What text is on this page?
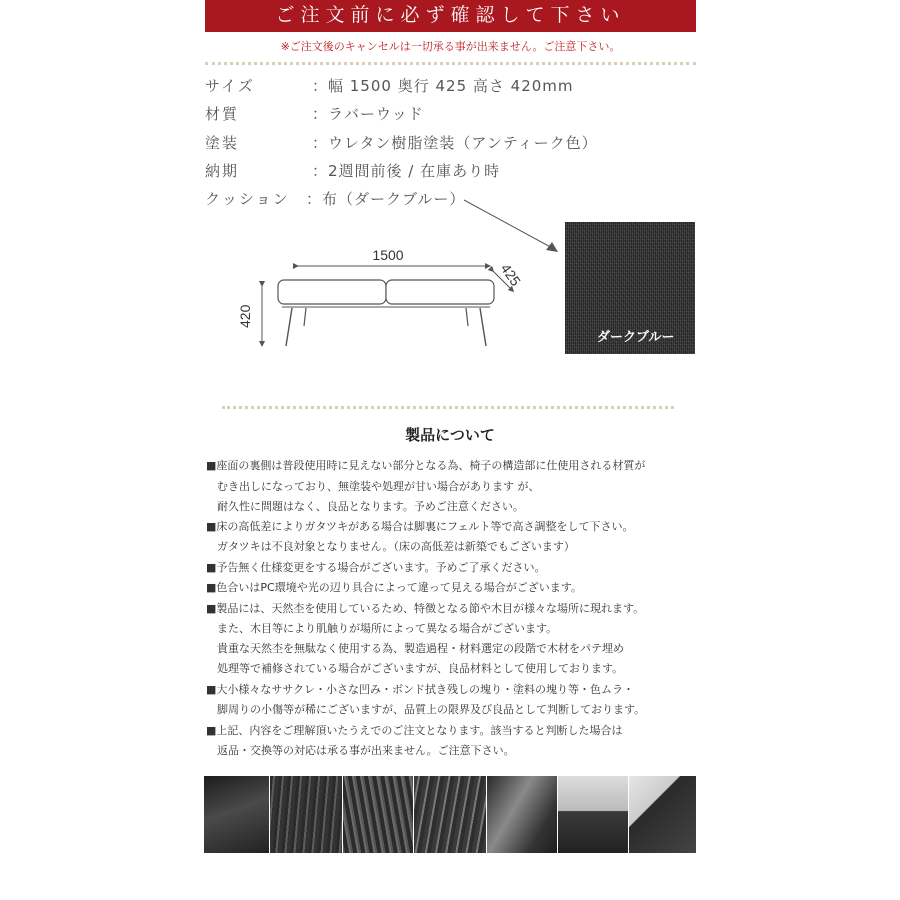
ご注文前に必ず確認して下さい
※ご注文後のキャンセルは一切承る事が出来ません。ご注意下さい。
サイズ	：幅 1500 奥行 425 高さ 420mm
材質	：ラバーウッド
塗装	：ウレタン樹脂塗装（アンティーク色）
納期	：2週間前後 / 在庫あり時
クッション ：布（ダークブルー）
1500
425
420
ダークブルー
製品について
■座面の裏側は普段使用時に見えない部分となる為、椅子の構造部に仕使用される材質が
むき出しになっており、無塗装や処理が甘い場合があります が、
耐久性に問題はなく、良品となります。予めご注意ください。
■床の高低差によりガタツキがある場合は脚裏にフェルト等で高さ調整をして下さい。
ガタツキは不良対象となりません。（床の高低差は新築でもございます）
■予告無く仕様変更をする場合がございます。予めご了承ください。
■色合いはPC環境や光の辺り具合によって違って見える場合がございます。
■製品には、天然杢を使用しているため、特徴となる節や木目が様々な場所に現れます。
また、木目等により肌触りが場所によって異なる場合がございます。
貴重な天然杢を無駄なく使用する為、製造過程・材料選定の段階で木材をパテ埋め
処理等で補修されている場合がございますが、良品材料として使用しております。
■大小様々なササクレ・小さな凹み・ボンド拭き残しの塊り・塗料の塊り等・色ムラ・
脚周りの小傷等が稀にございますが、品質上の限界及び良品として判断しております。
■上記、内容をご理解頂いたうえでのご注文となります。該当すると判断した場合は
返品・交換等の対応は承る事が出来ません。ご注意下さい。
